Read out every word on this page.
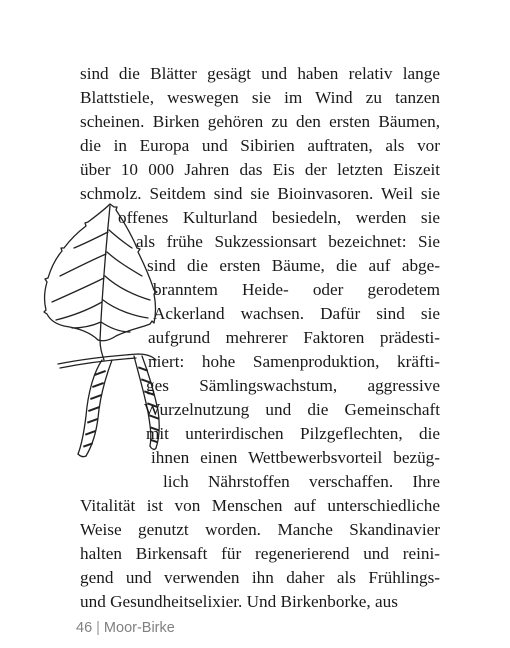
sind die Blätter gesägt und haben relativ lange
Blattstiele, weswegen sie im Wind zu tanzen
scheinen. Birken gehören zu den ersten Bäumen,
die in Europa und Sibirien auftraten, als vor
über 10 000 Jahren das Eis der letzten Eiszeit
schmolz. Seitdem sind sie Bioinvasoren. Weil sie
offenes Kulturland besiedeln, werden sie
als frühe Sukzessionsart bezeichnet: Sie
sind die ersten Bäume, die auf abge-
branntem Heide- oder gerodetem
Ackerland wachsen. Dafür sind sie
aufgrund mehrerer Faktoren prädesti-
niert: hohe Samenproduktion, kräfti-
ges Sämlingswachstum, aggressive
Wurzelnutzung und die Gemeinschaft
mit unterirdischen Pilzgeflechten, die
ihnen einen Wettbewerbsvorteil bezüg-
lich Nährstoffen verschaffen. Ihre
Vitalität ist von Menschen auf unterschiedliche
Weise genutzt worden. Manche Skandinavier
halten Birkensaft für regenerierend und reini-
gend und verwenden ihn daher als Frühlings-
und Gesundheitselixier. Und Birkenborke, aus
46 | Moor-Birke
